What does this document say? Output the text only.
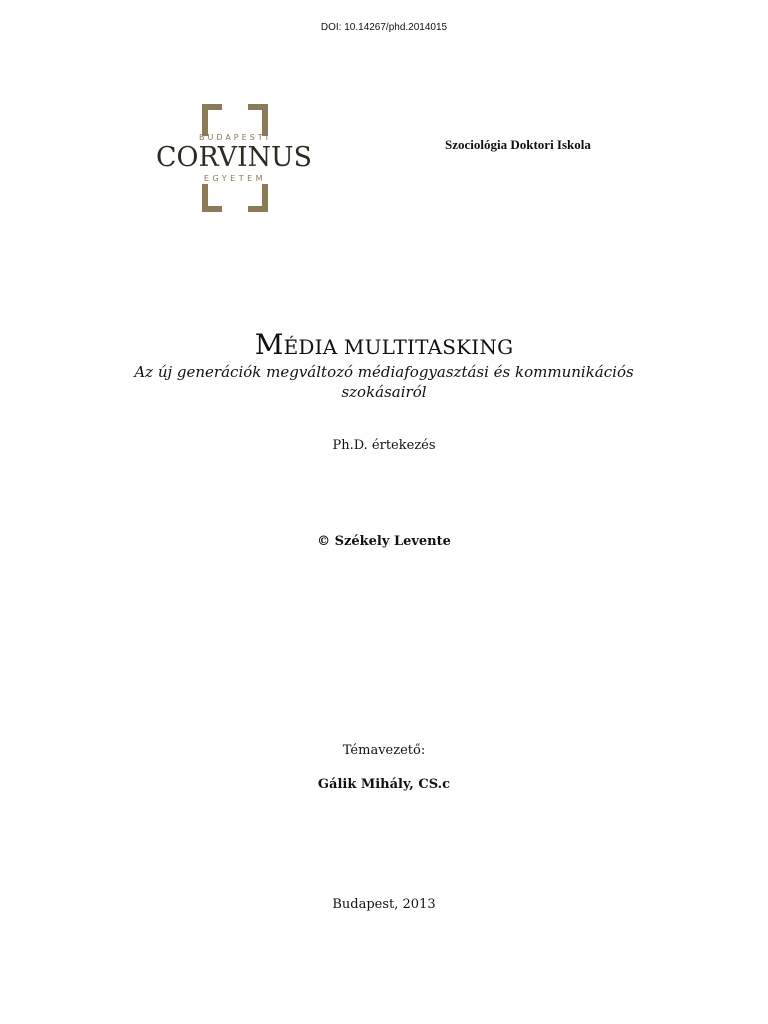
DOI: 10.14267/phd.2014015
BUDAPESTI
CORVINUS
EGYETEM
Szociológia Doktori Iskola
MÉDIA MULTITASKING
Az új generációk megváltozó médiafogyasztási és kommunikációs szokásairól
Ph.D. értekezés
© Székely Levente
Témavezető:
Gálik Mihály, CS.c
Budapest, 2013
